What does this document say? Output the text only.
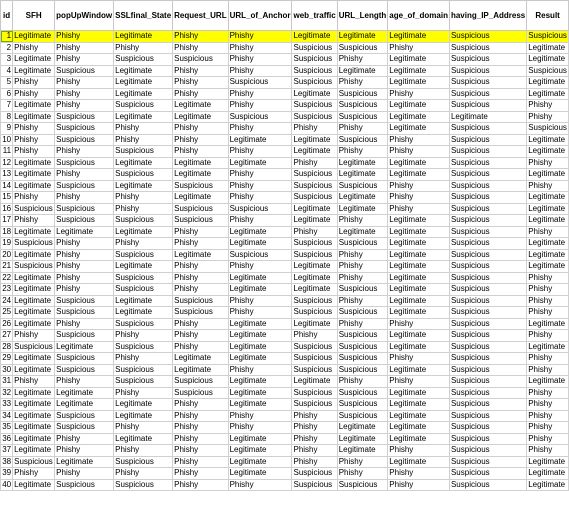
id	SFH	popUpWindow	SSLfinal_State	Request_URL	URL_of_Anchor	web_traffic	URL_Length	age_of_domain	having_IP_Address	Result
1	Legitimate	Phishy	Legitimate	Phishy	Phishy	Legitimate	Legitimate	Legitimate	Suspicious	Suspicious
2	Phishy	Phishy	Phishy	Phishy	Phishy	Suspicious	Suspicious	Phishy	Suspicious	Legitimate
3	Legitimate	Phishy	Suspicious	Suspicious	Phishy	Suspicious	Phishy	Legitimate	Suspicious	Legitimate
4	Legitimate	Suspicious	Legitimate	Phishy	Phishy	Suspicious	Legitimate	Legitimate	Suspicious	Suspicious
5	Phishy	Phishy	Legitimate	Phishy	Suspicious	Suspicious	Phishy	Legitimate	Suspicious	Legitimate
6	Phishy	Phishy	Legitimate	Phishy	Phishy	Legitimate	Suspicious	Phishy	Suspicious	Legitimate
7	Legitimate	Phishy	Suspicious	Legitimate	Phishy	Suspicious	Suspicious	Legitimate	Suspicious	Phishy
8	Legitimate	Suspicious	Legitimate	Legitimate	Suspicious	Suspicious	Suspicious	Legitimate	Legitimate	Phishy
9	Phishy	Suspicious	Phishy	Phishy	Phishy	Phishy	Phishy	Legitimate	Suspicious	Suspicious
10	Phishy	Suspicious	Phishy	Phishy	Legitimate	Legitimate	Suspicious	Phishy	Suspicious	Legitimate
11	Phishy	Phishy	Suspicious	Phishy	Phishy	Legitimate	Phishy	Phishy	Suspicious	Legitimate
12	Legitimate	Suspicious	Legitimate	Legitimate	Legitimate	Phishy	Legitimate	Legitimate	Suspicious	Phishy
13	Legitimate	Phishy	Suspicious	Legitimate	Phishy	Suspicious	Legitimate	Legitimate	Suspicious	Legitimate
14	Legitimate	Suspicious	Legitimate	Suspicious	Phishy	Suspicious	Suspicious	Phishy	Suspicious	Phishy
15	Phishy	Phishy	Phishy	Legitimate	Phishy	Suspicious	Legitimate	Phishy	Suspicious	Legitimate
16	Suspicious	Suspicious	Phishy	Suspicious	Suspicious	Legitimate	Legitimate	Phishy	Suspicious	Legitimate
17	Phishy	Suspicious	Suspicious	Suspicious	Phishy	Legitimate	Phishy	Legitimate	Suspicious	Legitimate
18	Legitimate	Legitimate	Legitimate	Phishy	Legitimate	Phishy	Legitimate	Legitimate	Suspicious	Phishy
19	Suspicious	Phishy	Phishy	Phishy	Legitimate	Suspicious	Suspicious	Legitimate	Suspicious	Legitimate
20	Legitimate	Phishy	Suspicious	Legitimate	Suspicious	Suspicious	Phishy	Legitimate	Suspicious	Legitimate
21	Suspicious	Phishy	Legitimate	Phishy	Phishy	Legitimate	Phishy	Legitimate	Suspicious	Legitimate
22	Legitimate	Phishy	Suspicious	Phishy	Legitimate	Legitimate	Phishy	Legitimate	Suspicious	Phishy
23	Legitimate	Phishy	Suspicious	Phishy	Legitimate	Legitimate	Suspicious	Legitimate	Suspicious	Phishy
24	Legitimate	Suspicious	Legitimate	Suspicious	Phishy	Suspicious	Phishy	Legitimate	Suspicious	Phishy
25	Legitimate	Suspicious	Legitimate	Suspicious	Phishy	Suspicious	Suspicious	Legitimate	Suspicious	Phishy
26	Legitimate	Phishy	Suspicious	Phishy	Legitimate	Legitimate	Phishy	Phishy	Suspicious	Legitimate
27	Phishy	Suspicious	Phishy	Phishy	Legitimate	Phishy	Suspicious	Legitimate	Suspicious	Phishy
28	Suspicious	Legitimate	Suspicious	Phishy	Legitimate	Suspicious	Suspicious	Legitimate	Suspicious	Legitimate
29	Legitimate	Suspicious	Phishy	Legitimate	Legitimate	Suspicious	Suspicious	Phishy	Suspicious	Phishy
30	Legitimate	Suspicious	Suspicious	Legitimate	Phishy	Suspicious	Suspicious	Legitimate	Suspicious	Phishy
31	Phishy	Phishy	Suspicious	Suspicious	Legitimate	Legitimate	Phishy	Phishy	Suspicious	Legitimate
32	Legitimate	Legitimate	Phishy	Suspicious	Legitimate	Suspicious	Suspicious	Legitimate	Suspicious	Phishy
33	Legitimate	Legitimate	Legitimate	Phishy	Legitimate	Suspicious	Suspicious	Legitimate	Suspicious	Phishy
34	Legitimate	Suspicious	Legitimate	Phishy	Phishy	Phishy	Suspicious	Legitimate	Suspicious	Phishy
35	Legitimate	Suspicious	Phishy	Phishy	Phishy	Phishy	Legitimate	Legitimate	Suspicious	Phishy
36	Legitimate	Phishy	Legitimate	Phishy	Legitimate	Phishy	Legitimate	Legitimate	Suspicious	Phishy
37	Legitimate	Phishy	Phishy	Phishy	Legitimate	Phishy	Legitimate	Phishy	Suspicious	Phishy
38	Suspicious	Legitimate	Suspicious	Phishy	Legitimate	Phishy	Phishy	Legitimate	Suspicious	Legitimate
39	Phishy	Phishy	Phishy	Phishy	Legitimate	Suspicious	Phishy	Phishy	Suspicious	Legitimate
40	Legitimate	Suspicious	Suspicious	Phishy	Phishy	Suspicious	Suspicious	Phishy	Suspicious	Legitimate
